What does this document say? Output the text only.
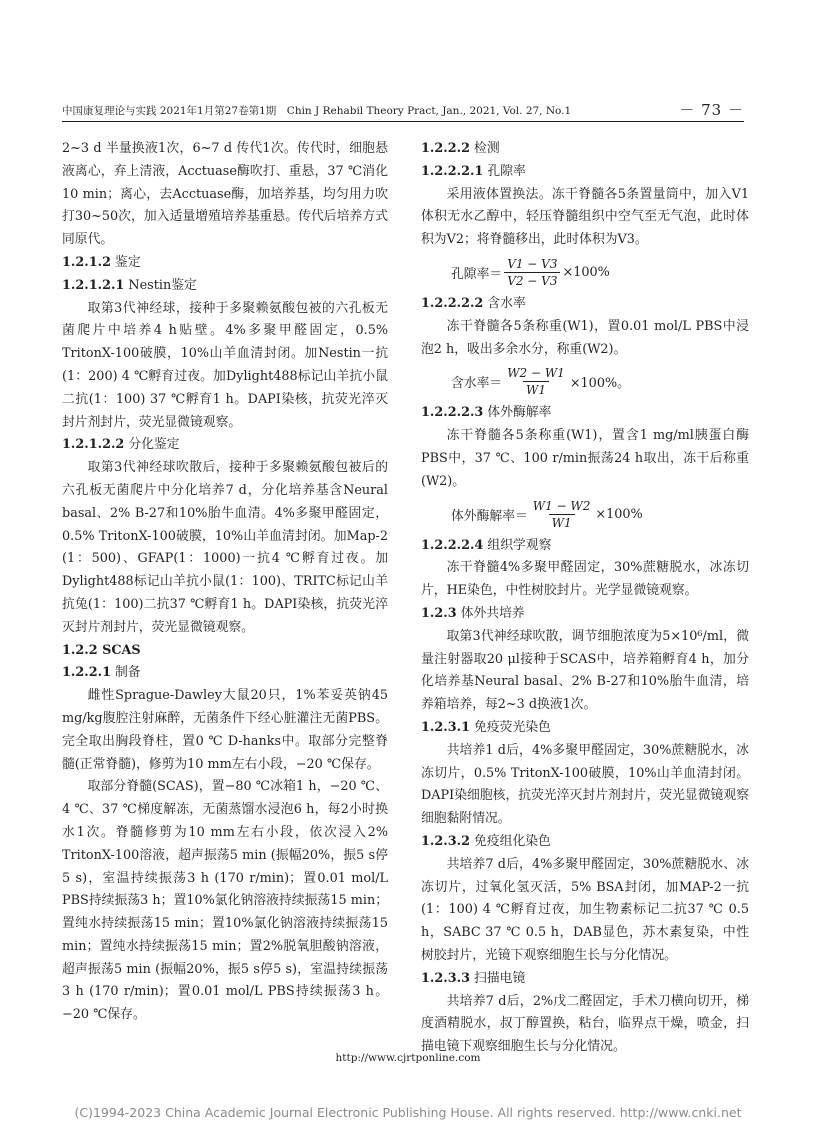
中国康复理论与实践 2021年1月第27卷第1期　Chin J Rehabil Theory Pract, Jan., 2021, Vol. 27, No.1	－ 73 －

2~3 d 半量换液1次，6~7 d 传代1次。传代时，细胞悬液离心，弃上清液，Acctuase酶吹打、重悬，37 ℃消化10 min；离心，去Acctuase酶，加培养基，均匀用力吹打30~50次，加入适量增殖培养基重悬。传代后培养方式同原代。

1.2.1.2 鉴定
1.2.1.2.1 Nestin鉴定

取第3代神经球，接种于多聚赖氨酸包被的六孔板无菌爬片中培养4 h贴壁。4%多聚甲醛固定，0.5% TritonX-100破膜，10%山羊血清封闭。加Nestin一抗(1：200) 4 ℃孵育过夜。加Dylight488标记山羊抗小鼠二抗(1：100) 37 ℃孵育1 h。DAPI染核，抗荧光淬灭封片剂封片，荧光显微镜观察。

1.2.1.2.2 分化鉴定

取第3代神经球吹散后，接种于多聚赖氨酸包被后的六孔板无菌爬片中分化培养7 d，分化培养基含Neural basal、2% B-27和10%胎牛血清。4%多聚甲醛固定，0.5% TritonX-100破膜，10%山羊血清封闭。加Map-2 (1：500)、GFAP(1：1000)一抗4 ℃孵育过夜。加Dylight488标记山羊抗小鼠(1：100)、TRITC标记山羊抗兔(1：100)二抗37 ℃孵育1 h。DAPI染核，抗荧光淬灭封片剂封片，荧光显微镜观察。

1.2.2 SCAS
1.2.2.1 制备

雌性Sprague-Dawley大鼠20只，1%苯妥英钠45 mg/kg腹腔注射麻醉，无菌条件下经心脏灌注无菌PBS。完全取出胸段脊柱，置0 ℃ D-hanks中。取部分完整脊髓(正常脊髓)，修剪为10 mm左右小段，−20 ℃保存。

取部分脊髓(SCAS)，置−80 ℃冰箱1 h，−20 ℃、4 ℃、37 ℃梯度解冻，无菌蒸馏水浸泡6 h，每2小时换水1次。脊髓修剪为10 mm左右小段，依次浸入2% TritonX-100溶液，超声振荡5 min (振幅20%，振5 s停5 s)，室温持续振荡3 h (170 r/min)；置0.01 mol/L PBS持续振荡3 h；置10%氯化钠溶液持续振荡15 min；置纯水持续振荡15 min；置10%氯化钠溶液持续振荡15 min；置纯水持续振荡15 min；置2%脱氧胆酸钠溶液，超声振荡5 min (振幅20%，振5 s停5 s)，室温持续振荡3 h (170 r/min)；置0.01 mol/L PBS持续振荡3 h。−20 ℃保存。

1.2.2.2 检测
1.2.2.2.1 孔隙率

采用液体置换法。冻干脊髓各5条置量筒中，加入V1体积无水乙醇中，轻压脊髓组织中空气至无气泡，此时体积为V2；将脊髓移出，此时体积为V3。

孔隙率＝ $\frac{V1 - V3}{V2 - V3} \times 100\%$
1.2.2.2.2 含水率

冻干脊髓各5条称重(W1)，置0.01 mol/L PBS中浸泡2 h，吸出多余水分，称重(W2)。

含水率＝ $\frac{W2 - W1}{W1} \times 100\%$。
1.2.2.2.3 体外酶解率

冻干脊髓各5条称重(W1)，置含1 mg/ml胰蛋白酶PBS中，37 ℃、100 r/min振荡24 h取出，冻干后称重(W2)。

体外酶解率＝ $\frac{W1 - W2}{W1} \times 100\%$
1.2.2.2.4 组织学观察

冻干脊髓4%多聚甲醛固定，30%蔗糖脱水，冰冻切片，HE染色，中性树胶封片。光学显微镜观察。

1.2.3 体外共培养

取第3代神经球吹散，调节细胞浓度为5×10⁶/ml，微量注射器取20 μl接种于SCAS中，培养箱孵育4 h，加分化培养基Neural basal、2% B-27和10%胎牛血清，培养箱培养，每2~3 d换液1次。

1.2.3.1 免疫荧光染色

共培养1 d后，4%多聚甲醛固定，30%蔗糖脱水，冰冻切片，0.5% TritonX-100破膜，10%山羊血清封闭。DAPI染细胞核，抗荧光淬灭封片剂封片，荧光显微镜观察细胞黏附情况。

1.2.3.2 免疫组化染色

共培养7 d后，4%多聚甲醛固定，30%蔗糖脱水、冰冻切片，过氧化氢灭活，5% BSA封闭，加MAP-2一抗(1：100) 4 ℃孵育过夜，加生物素标记二抗37 ℃ 0.5 h，SABC 37 ℃ 0.5 h，DAB显色，苏木素复染，中性树胶封片，光镜下观察细胞生长与分化情况。

1.2.3.3 扫描电镜

共培养7 d后，2%戊二醛固定，手术刀横向切开，梯度酒精脱水，叔丁醇置换，粘台，临界点干燥，喷金，扫描电镜下观察细胞生长与分化情况。

http://www.cjrtponline.com
(C)1994-2023 China Academic Journal Electronic Publishing House. All rights reserved. http://www.cnki.net
